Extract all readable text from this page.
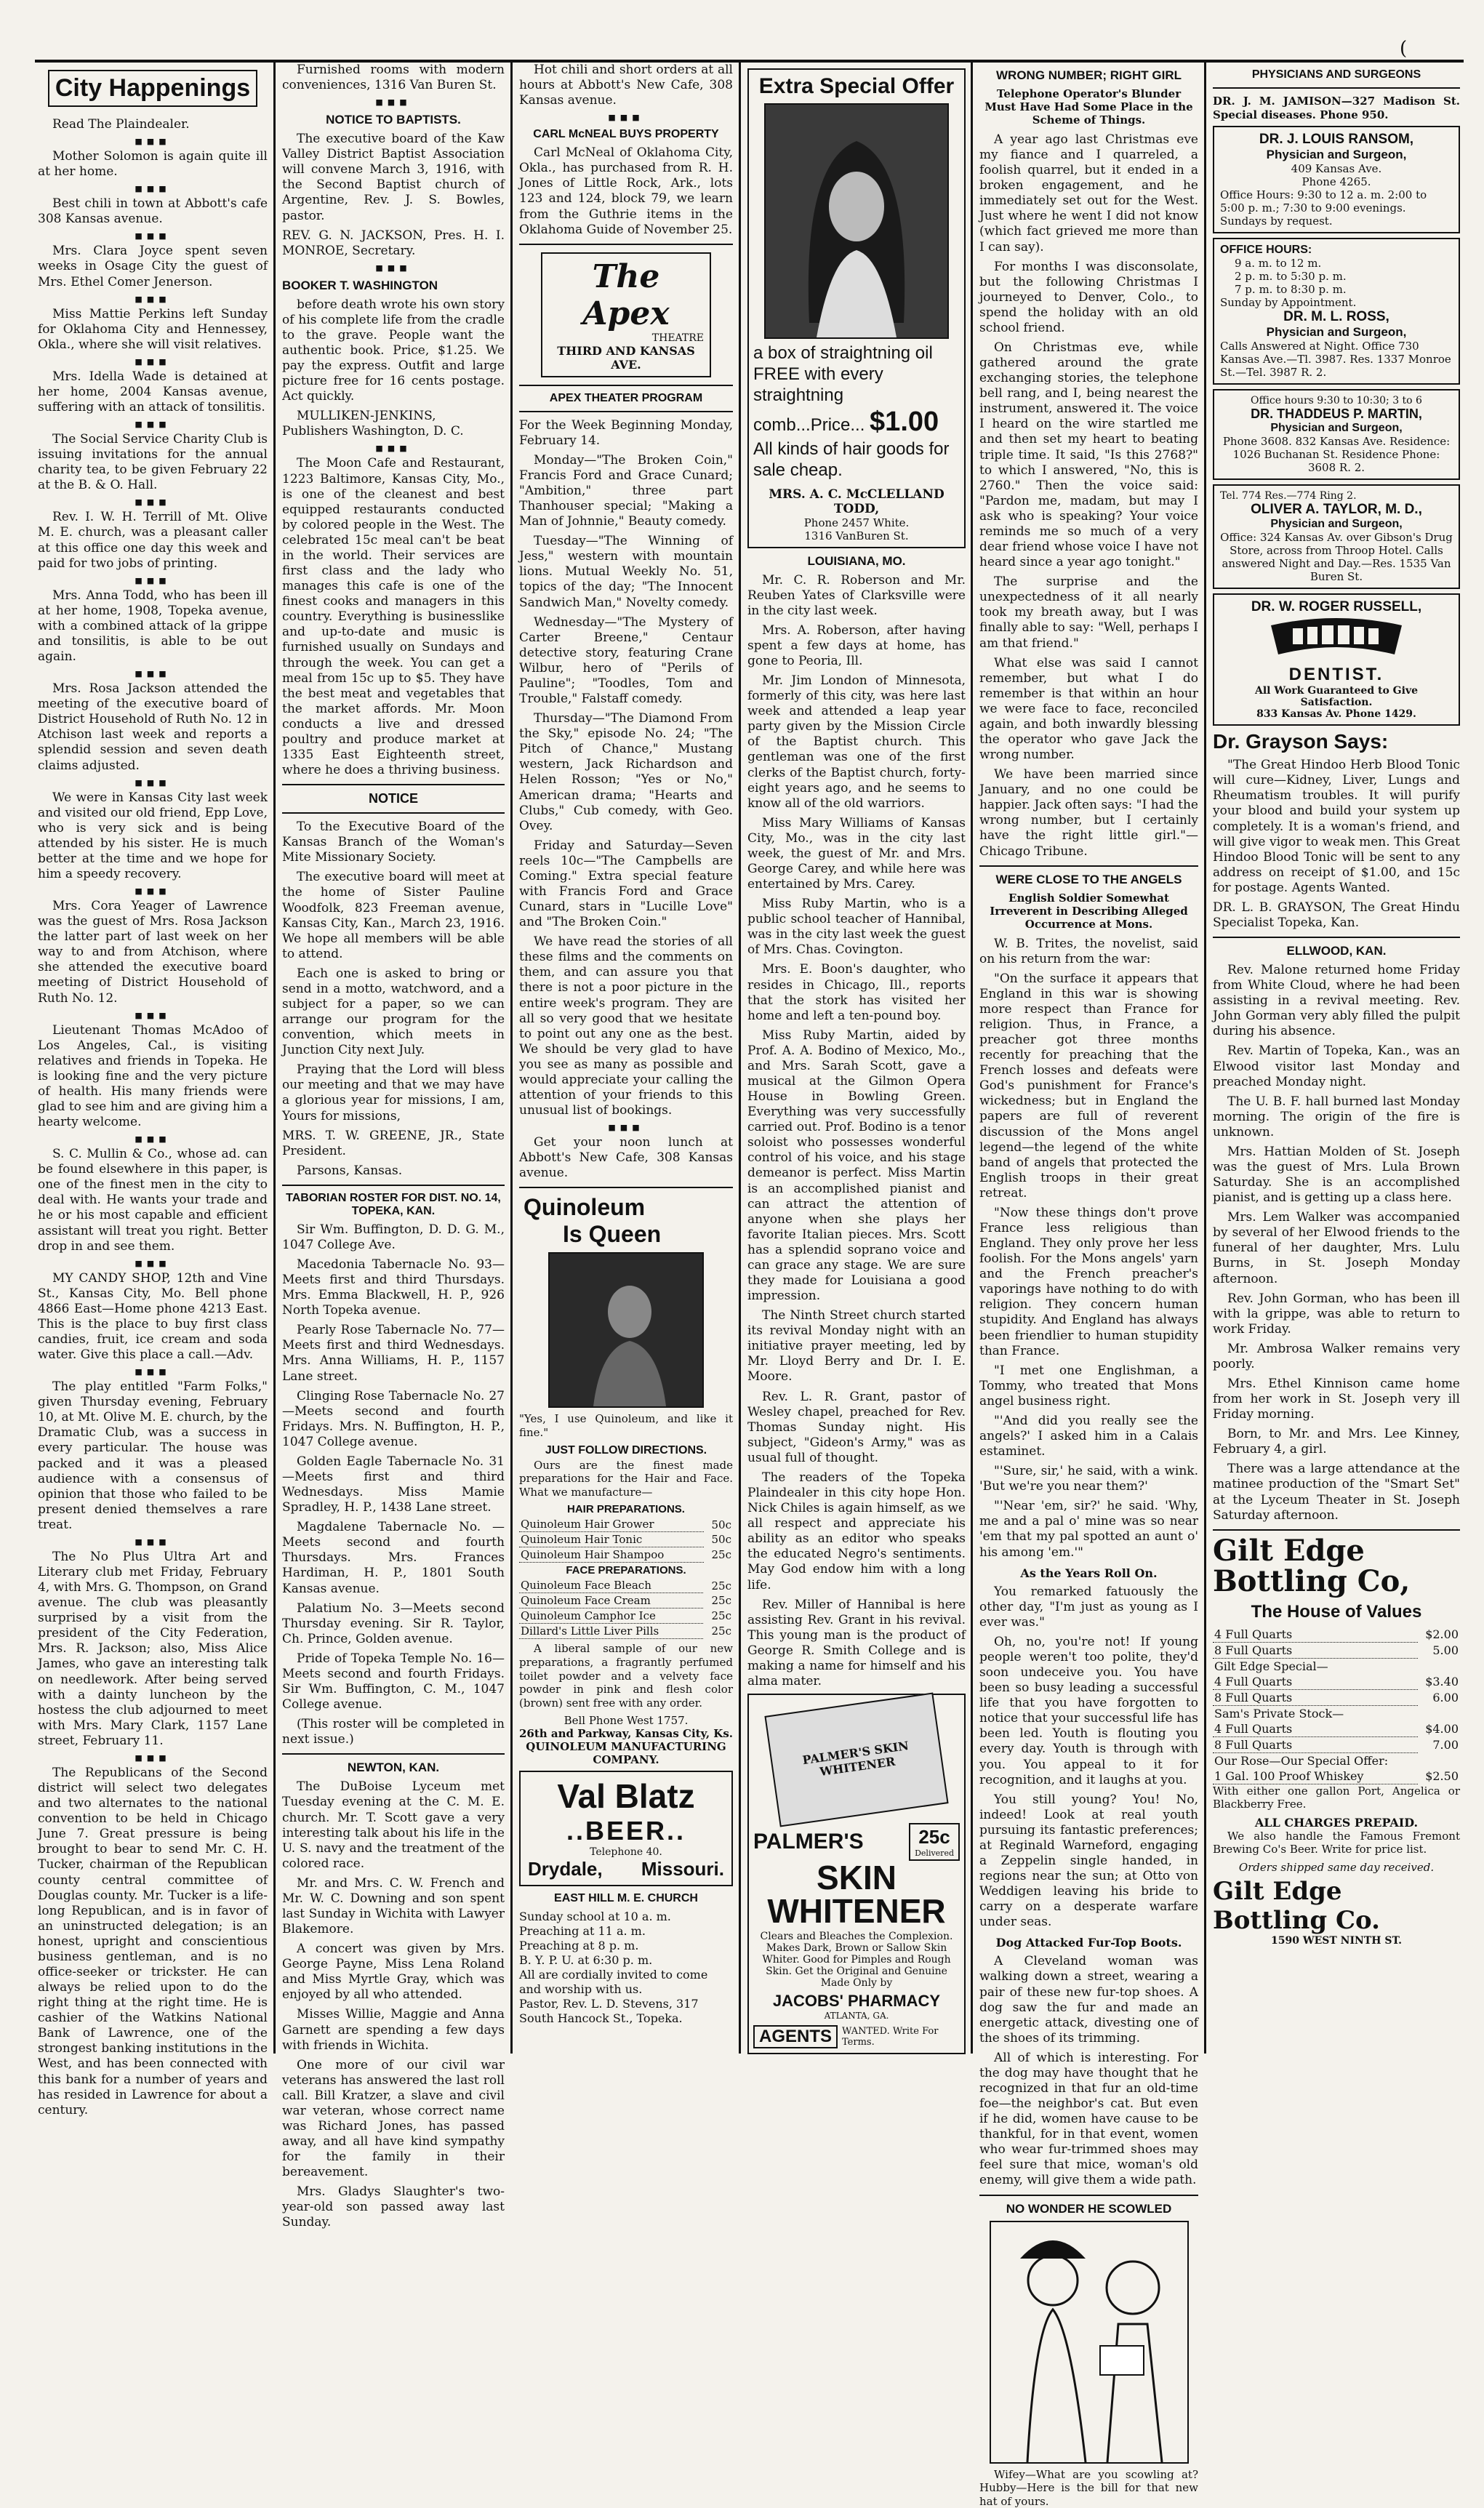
(
City Happenings

Read The Plaindealer.

■■■

Mother Solomon is again quite ill at her home.

■■■

Best chili in town at Abbott's cafe 308 Kansas avenue.

■■■

Mrs. Clara Joyce spent seven weeks in Osage City the guest of Mrs. Ethel Comer Jenerson.

■■■

Miss Mattie Perkins left Sunday for Oklahoma City and Hennessey, Okla., where she will visit relatives.

■■■

Mrs. Idella Wade is detained at her home, 2004 Kansas avenue, suffering with an attack of tonsilitis.

■■■

The Social Service Charity Club is issuing invitations for the annual charity tea, to be given February 22 at the B. & O. Hall.

■■■

Rev. I. W. H. Terrill of Mt. Olive M. E. church, was a pleasant caller at this office one day this week and paid for two jobs of printing.

■■■

Mrs. Anna Todd, who has been ill at her home, 1908, Topeka avenue, with a combined attack of la grippe and tonsilitis, is able to be out again.

■■■

Mrs. Rosa Jackson attended the meeting of the executive board of District Household of Ruth No. 12 in Atchison last week and reports a splendid session and seven death claims adjusted.

■■■

We were in Kansas City last week and visited our old friend, Epp Love, who is very sick and is being attended by his sister. He is much better at the time and we hope for him a speedy recovery.

■■■

Mrs. Cora Yeager of Lawrence was the guest of Mrs. Rosa Jackson the latter part of last week on her way to and from Atchison, where she attended the executive board meeting of District Household of Ruth No. 12.

■■■

Lieutenant Thomas McAdoo of Los Angeles, Cal., is visiting relatives and friends in Topeka. He is looking fine and the very picture of health. His many friends were glad to see him and are giving him a hearty welcome.

■■■

S. C. Mullin & Co., whose ad. can be found elsewhere in this paper, is one of the finest men in the city to deal with. He wants your trade and he or his most capable and efficient assistant will treat you right. Better drop in and see them.

■■■

MY CANDY SHOP, 12th and Vine St., Kansas City, Mo. Bell phone 4866 East—Home phone 4213 East. This is the place to buy first class candies, fruit, ice cream and soda water. Give this place a call.—Adv.

■■■

The play entitled "Farm Folks," given Thursday evening, February 10, at Mt. Olive M. E. church, by the Dramatic Club, was a success in every particular. The house was packed and it was a pleased audience with a consensus of opinion that those who failed to be present denied themselves a rare treat.

■■■

The No Plus Ultra Art and Literary club met Friday, February 4, with Mrs. G. Thompson, on Grand avenue. The club was pleasantly surprised by a visit from the president of the City Federation, Mrs. R. Jackson; also, Miss Alice James, who gave an interesting talk on needlework. After being served with a dainty luncheon by the hostess the club adjourned to meet with Mrs. Mary Clark, 1157 Lane street, February 11.

■■■

The Republicans of the Second district will select two delegates and two alternates to the national convention to be held in Chicago June 7. Great pressure is being brought to bear to send Mr. C. H. Tucker, chairman of the Republican county central committee of Douglas county. Mr. Tucker is a life-long Republican, and is in favor of an uninstructed delegation; is an honest, upright and conscientious business gentleman, and is no office-seeker or trickster. He can always be relied upon to do the right thing at the right time. He is cashier of the Watkins National Bank of Lawrence, one of the strongest banking institutions in the West, and has been connected with this bank for a number of years and has resided in Lawrence for about a century.

Furnished rooms with modern conveniences, 1316 Van Buren St.

■■■
NOTICE TO BAPTISTS.

The executive board of the Kaw Valley District Baptist Association will convene March 3, 1916, with the Second Baptist church of Argentine, Rev. J. S. Bowles, pastor.

REV. G. N. JACKSON, Pres. H. I. MONROE, Secretary.

■■■
BOOKER T. WASHINGTON

before death wrote his own story of his complete life from the cradle to the grave. People want the authentic book. Price, $1.25. We pay the express. Outfit and large picture free for 16 cents postage. Act quickly.

MULLIKEN-JENKINS, Publishers Washington, D. C.

■■■

The Moon Cafe and Restaurant, 1223 Baltimore, Kansas City, Mo., is one of the cleanest and best equipped restaurants conducted by colored people in the West. The celebrated 15c meal can't be beat in the world. Their services are first class and the lady who manages this cafe is one of the finest cooks and managers in this country. Everything is businesslike and up-to-date and music is furnished usually on Sundays and through the week. You can get a meal from 15c up to $5. They have the best meat and vegetables that the market affords. Mr. Moon conducts a live and dressed poultry and produce market at 1335 East Eighteenth street, where he does a thriving business.

NOTICE

To the Executive Board of the Kansas Branch of the Woman's Mite Missionary Society.

The executive board will meet at the home of Sister Pauline Woodfolk, 823 Freeman avenue, Kansas City, Kan., March 23, 1916. We hope all members will be able to attend.

Each one is asked to bring or send in a motto, watchword, and a subject for a paper, so we can arrange our program for the convention, which meets in Junction City next July.

Praying that the Lord will bless our meeting and that we may have a glorious year for missions, I am, Yours for missions,

MRS. T. W. GREENE, JR., State President.

Parsons, Kansas.

TABORIAN ROSTER FOR DIST. NO. 14, TOPEKA, KAN.

Sir Wm. Buffington, D. D. G. M., 1047 College Ave.

Macedonia Tabernacle No. 93—Meets first and third Thursdays. Mrs. Emma Blackwell, H. P., 926 North Topeka avenue.

Pearly Rose Tabernacle No. 77—Meets first and third Wednesdays. Mrs. Anna Williams, H. P., 1157 Lane street.

Clinging Rose Tabernacle No. 27—Meets second and fourth Fridays. Mrs. N. Buffington, H. P., 1047 College avenue.

Golden Eagle Tabernacle No. 31—Meets first and third Wednesdays. Miss Mamie Spradley, H. P., 1438 Lane street.

Magdalene Tabernacle No. —Meets second and fourth Thursdays. Mrs. Frances Hardiman, H. P., 1801 South Kansas avenue.

Palatium No. 3—Meets second Thursday evening. Sir R. Taylor, Ch. Prince, Golden avenue.

Pride of Topeka Temple No. 16—Meets second and fourth Fridays. Sir Wm. Buffington, C. M., 1047 College avenue.

(This roster will be completed in next issue.)

NEWTON, KAN.

The DuBoise Lyceum met Tuesday evening at the C. M. E. church. Mr. T. Scott gave a very interesting talk about his life in the U. S. navy and the treatment of the colored race.

Mr. and Mrs. C. W. French and Mr. W. C. Downing and son spent last Sunday in Wichita with Lawyer Blakemore.

A concert was given by Mrs. George Payne, Miss Lena Roland and Miss Myrtle Gray, which was enjoyed by all who attended.

Misses Willie, Maggie and Anna Garnett are spending a few days with friends in Wichita.

One more of our civil war veterans has answered the last roll call. Bill Kratzer, a slave and civil war veteran, whose correct name was Richard Jones, has passed away, and all have kind sympathy for the family in their bereavement.

Mrs. Gladys Slaughter's two-year-old son passed away last Sunday.

Hot chili and short orders at all hours at Abbott's New Cafe, 308 Kansas avenue.

■■■
CARL McNEAL BUYS PROPERTY

Carl McNeal of Oklahoma City, Okla., has purchased from R. H. Jones of Little Rock, Ark., lots 123 and 124, block 79, we learn from the Guthrie items in the Oklahoma Guide of November 25.

The Apex
THEATRE
THIRD AND KANSAS AVE.
APEX THEATER PROGRAM

For the Week Beginning Monday, February 14.

Monday—"The Broken Coin," Francis Ford and Grace Cunard; "Ambition," three part Thanhouser special; "Making a Man of Johnnie," Beauty comedy.

Tuesday—"The Winning of Jess," western with mountain lions. Mutual Weekly No. 51, topics of the day; "The Innocent Sandwich Man," Novelty comedy.

Wednesday—"The Mystery of Carter Breene," Centaur detective story, featuring Crane Wilbur, hero of "Perils of Pauline"; "Toodles, Tom and Trouble," Falstaff comedy.

Thursday—"The Diamond From the Sky," episode No. 24; "The Pitch of Chance," Mustang western, Jack Richardson and Helen Rosson; "Yes or No," American drama; "Hearts and Clubs," Cub comedy, with Geo. Ovey.

Friday and Saturday—Seven reels 10c—"The Campbells are Coming." Extra special feature with Francis Ford and Grace Cunard, stars in "Lucille Love" and "The Broken Coin."

We have read the stories of all these films and the comments on them, and can assure you that there is not a poor picture in the entire week's program. They are all so very good that we hesitate to point out any one as the best. We should be very glad to have you see as many as possible and would appreciate your calling the attention of your friends to this unusual list of bookings.

■■■

Get your noon lunch at Abbott's New Cafe, 308 Kansas avenue.

Quinoleum
Is Queen

"Yes, I use Quinoleum, and like it fine."

JUST FOLLOW DIRECTIONS.

Ours are the finest made preparations for the Hair and Face. What we manufacture—

HAIR PREPARATIONS.
Quinoleum Hair Grower	50c
Quinoleum Hair Tonic	50c
Quinoleum Hair Shampoo	25c
FACE PREPARATIONS.
Quinoleum Face Bleach	25c
Quinoleum Face Cream	25c
Quinoleum Camphor Ice	25c
Dillard's Little Liver Pills	25c

A liberal sample of our new preparations, a fragrantly perfumed toilet powder and a velvety face powder in pink and flesh color (brown) sent free with any order.

Bell Phone West 1757.
26th and Parkway, Kansas City, Ks.
QUINOLEUM MANUFACTURING COMPANY.
Val Blatz
..BEER..
Telephone 40.
Drydale, Missouri.
EAST HILL M. E. CHURCH
Sunday school at 10 a. m.
Preaching at 11 a. m.
Preaching at 8 p. m.
B. Y. P. U. at 6:30 p. m.
All are cordially invited to come and worship with us.
Pastor, Rev. L. D. Stevens, 317 South Hancock St., Topeka.
Extra Special Offer
a box of straightning oil FREE with every straightning comb...Price... $1.00
All kinds of hair goods for sale cheap.
MRS. A. C. McCLELLAND TODD,
Phone 2457 White.
1316 VanBuren St.
LOUISIANA, MO.

Mr. C. R. Roberson and Mr. Reuben Yates of Clarksville were in the city last week.

Mrs. A. Roberson, after having spent a few days at home, has gone to Peoria, Ill.

Mr. Jim London of Minnesota, formerly of this city, was here last week and attended a leap year party given by the Mission Circle of the Baptist church. This gentleman was one of the first clerks of the Baptist church, forty-eight years ago, and he seems to know all of the old warriors.

Miss Mary Williams of Kansas City, Mo., was in the city last week, the guest of Mr. and Mrs. George Carey, and while here was entertained by Mrs. Carey.

Miss Ruby Martin, who is a public school teacher of Hannibal, was in the city last week the guest of Mrs. Chas. Covington.

Mrs. E. Boon's daughter, who resides in Chicago, Ill., reports that the stork has visited her home and left a ten-pound boy.

Miss Ruby Martin, aided by Prof. A. A. Bodino of Mexico, Mo., and Mrs. Sarah Scott, gave a musical at the Gilmon Opera House in Bowling Green. Everything was very successfully carried out. Prof. Bodino is a tenor soloist who possesses wonderful control of his voice, and his stage demeanor is perfect. Miss Martin is an accomplished pianist and can attract the attention of anyone when she plays her favorite Italian pieces. Mrs. Scott has a splendid soprano voice and can grace any stage. We are sure they made for Louisiana a good impression.

The Ninth Street church started its revival Monday night with an initiative prayer meeting, led by Mr. Lloyd Berry and Dr. I. E. Moore.

Rev. L. R. Grant, pastor of Wesley chapel, preached for Rev. Thomas Sunday night. His subject, "Gideon's Army," was as usual full of thought.

The readers of the Topeka Plaindealer in this city hope Hon. Nick Chiles is again himself, as we all respect and appreciate his ability as an editor who speaks the educated Negro's sentiments. May God endow him with a long life.

Rev. Miller of Hannibal is here assisting Rev. Grant in his revival. This young man is the product of George R. Smith College and is making a name for himself and his alma mater.

PALMER'S SKIN WHITENER
PALMER'S	25c
Delivered
SKIN
WHITENER
Clears and Bleaches the Complexion. Makes Dark, Brown or Sallow Skin Whiter. Good for Pimples and Rough Skin. Get the Original and Genuine Made Only by
JACOBS' PHARMACY
ATLANTA, GA.
AGENTS	WANTED. Write For Terms.
WRONG NUMBER; RIGHT GIRL
Telephone Operator's Blunder Must Have Had Some Place in the Scheme of Things.

A year ago last Christmas eve my fiance and I quarreled, a foolish quarrel, but it ended in a broken engagement, and he immediately set out for the West. Just where he went I did not know (which fact grieved me more than I can say).

For months I was disconsolate, but the following Christmas I journeyed to Denver, Colo., to spend the holiday with an old school friend.

On Christmas eve, while gathered around the grate exchanging stories, the telephone bell rang, and I, being nearest the instrument, answered it. The voice I heard on the wire startled me and then set my heart to beating triple time. It said, "Is this 2768?" to which I answered, "No, this is 2760." Then the voice said: "Pardon me, madam, but may I ask who is speaking? Your voice reminds me so much of a very dear friend whose voice I have not heard since a year ago tonight."

The surprise and the unexpectedness of it all nearly took my breath away, but I was finally able to say: "Well, perhaps I am that friend."

What else was said I cannot remember, but what I do remember is that within an hour we were face to face, reconciled again, and both inwardly blessing the operator who gave Jack the wrong number.

We have been married since January, and no one could be happier. Jack often says: "I had the wrong number, but I certainly have the right little girl."—Chicago Tribune.

WERE CLOSE TO THE ANGELS
English Soldier Somewhat Irreverent in Describing Alleged Occurrence at Mons.

W. B. Trites, the novelist, said on his return from the war:

"On the surface it appears that England in this war is showing more respect than France for religion. Thus, in France, a preacher got three months recently for preaching that the French losses and defeats were God's punishment for France's wickedness; but in England the papers are full of reverent discussion of the Mons angel legend—the legend of the white band of angels that protected the English troops in their great retreat.

"Now these things don't prove France less religious than England. They only prove her less foolish. For the Mons angels' yarn and the French preacher's vaporings have nothing to do with religion. They concern human stupidity. And England has always been friendlier to human stupidity than France.

"I met one Englishman, a Tommy, who treated that Mons angel business right.

"'And did you really see the angels?' I asked him in a Calais estaminet.

"'Sure, sir,' he said, with a wink. 'But we're you near them?'

"'Near 'em, sir?' he said. 'Why, me and a pal o' mine was so near 'em that my pal spotted an aunt o' his among 'em.'"

As the Years Roll On.

You remarked fatuously the other day, "I'm just as young as I ever was."

Oh, no, you're not! If young people weren't too polite, they'd soon undeceive you. You have been so busy leading a successful life that you have forgotten to notice that your successful life has been led. Youth is flouting you every day. Youth is through with you. You appeal to it for recognition, and it laughs at you.

You still young? You! No, indeed! Look at real youth pursuing its fantastic preferences; at Reginald Warneford, engaging a Zeppelin single handed, in regions near the sun; at Otto von Weddigen leaving his bride to carry on a desperate warfare under seas.

Dog Attacked Fur-Top Boots.

A Cleveland woman was walking down a street, wearing a pair of these new fur-top shoes. A dog saw the fur and made an energetic attack, divesting one of the shoes of its trimming.

All of which is interesting. For the dog may have thought that he recognized in that fur an old-time foe—the neighbor's cat. But even if he did, women have cause to be thankful, for in that event, women who wear fur-trimmed shoes may feel sure that mice, woman's old enemy, will give them a wide path.

NO WONDER HE SCOWLED

Wifey—What are you scowling at? Hubby—Here is the bill for that new hat of yours.

PHYSICIANS AND SURGEONS

DR. J. M. JAMISON—327 Madison St. Special diseases. Phone 950.

DR. J. LOUIS RANSOM,
Physician and Surgeon,
409 Kansas Ave.
Phone 4265.
Office Hours: 9:30 to 12 a. m. 2:00 to 5:00 p. m.; 7:30 to 9:00 evenings. Sundays by request.
OFFICE HOURS:
9 a. m. to 12 m.
2 p. m. to 5:30 p. m.
7 p. m. to 8:30 p. m.
Sunday by Appointment.
DR. M. L. ROSS,
Physician and Surgeon,
Calls Answered at Night. Office 730 Kansas Ave.—Tl. 3987. Res. 1337 Monroe St.—Tel. 3987 R. 2.
Office hours 9:30 to 10:30; 3 to 6
DR. THADDEUS P. MARTIN,
Physician and Surgeon,
Phone 3608. 832 Kansas Ave. Residence: 1026 Buchanan St. Residence Phone: 3608 R. 2.
Tel. 774 Res.—774 Ring 2.
OLIVER A. TAYLOR, M. D.,
Physician and Surgeon,
Office: 324 Kansas Av. over Gibson's Drug Store, across from Throop Hotel. Calls answered Night and Day.—Res. 1535 Van Buren St.
DR. W. ROGER RUSSELL,
DENTIST.
All Work Guaranteed to Give Satisfaction.
833 Kansas Av. Phone 1429.
Dr. Grayson Says:

"The Great Hindoo Herb Blood Tonic will cure—Kidney, Liver, Lungs and Rheumatism troubles. It will purify your blood and build your system up completely. It is a woman's friend, and will give vigor to weak men. This Great Hindoo Blood Tonic will be sent to any address on receipt of $1.00, and 15c for postage. Agents Wanted.

DR. L. B. GRAYSON, The Great Hindu Specialist Topeka, Kan.

ELLWOOD, KAN.

Rev. Malone returned home Friday from White Cloud, where he had been assisting in a revival meeting. Rev. John Gorman very ably filled the pulpit during his absence.

Rev. Martin of Topeka, Kan., was an Elwood visitor last Monday and preached Monday night.

The U. B. F. hall burned last Monday morning. The origin of the fire is unknown.

Mrs. Hattian Molden of St. Joseph was the guest of Mrs. Lula Brown Saturday. She is an accomplished pianist, and is getting up a class here.

Mrs. Lem Walker was accompanied by several of her Elwood friends to the funeral of her daughter, Mrs. Lulu Burns, in St. Joseph Monday afternoon.

Rev. John Gorman, who has been ill with la grippe, was able to return to work Friday.

Mr. Ambrosa Walker remains very poorly.

Mrs. Ethel Kinnison came home from her work in St. Joseph very ill Friday morning.

Born, to Mr. and Mrs. Lee Kinney, February 4, a girl.

There was a large attendance at the matinee production of the "Smart Set" at the Lyceum Theater in St. Joseph Saturday afternoon.

Gilt Edge
Bottling Co,
The House of Values
4 Full Quarts	$2.00
8 Full Quarts	5.00
Gilt Edge Special—	
4 Full Quarts	$3.40
8 Full Quarts	6.00
Sam's Private Stock—	
4 Full Quarts	$4.00
8 Full Quarts	7.00
Our Rose—Our Special Offer:	
1 Gal. 100 Proof Whiskey	$2.50

With either one gallon Port, Angelica or Blackberry Free.

ALL CHARGES PREPAID.

We also handle the Famous Fremont Brewing Co's Beer. Write for price list.

Orders shipped same day received.
Gilt Edge Bottling Co.
1590 WEST NINTH ST.
